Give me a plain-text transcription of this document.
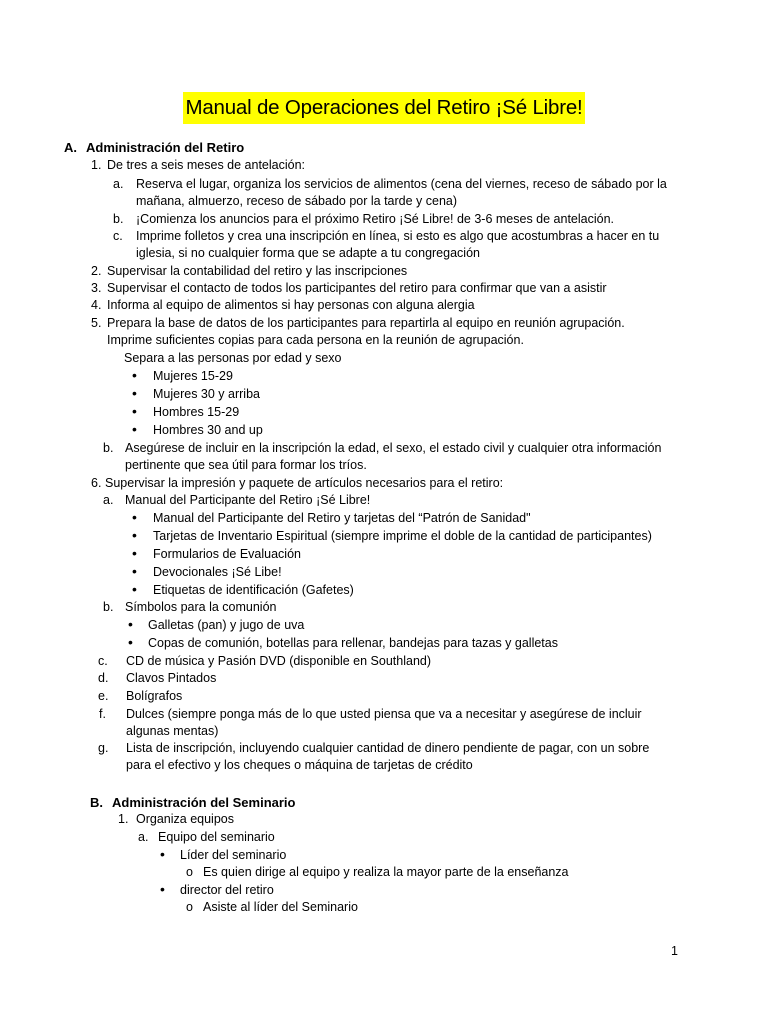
Manual de Operaciones del Retiro ¡Sé Libre!
A. Administración del Retiro
1. De tres a seis meses de antelación:
a. Reserva el lugar, organiza los servicios de alimentos (cena del viernes, receso de sábado por la
mañana, almuerzo, receso de sábado por la tarde y cena)
b. ¡Comienza los anuncios para el próximo Retiro ¡Sé Libre! de 3-6 meses de antelación.
c. Imprime folletos y crea una inscripción en línea, si esto es algo que acostumbras a hacer en tu
iglesia, si no cualquier forma que se adapte a tu congregación
2. Supervisar la contabilidad del retiro y las inscripciones
3. Supervisar el contacto de todos los participantes del retiro para confirmar que van a asistir
4. Informa al equipo de alimentos si hay personas con alguna alergia
5. Prepara la base de datos de los participantes para repartirla al equipo en reunión agrupación.
Imprime suficientes copias para cada persona en la reunión de agrupación.
Separa a las personas por edad y sexo
• Mujeres 15-29
• Mujeres 30 y arriba
• Hombres 15-29
• Hombres 30 and up
b. Asegúrese de incluir en la inscripción la edad, el sexo, el estado civil y cualquier otra información
pertinente que sea útil para formar los tríos.
6. Supervisar la impresión y paquete de artículos necesarios para el retiro:
a. Manual del Participante del Retiro ¡Sé Libre!
• Manual del Participante del Retiro y tarjetas del “Patrón de Sanidad"
• Tarjetas de Inventario Espiritual (siempre imprime el doble de la cantidad de participantes)
• Formularios de Evaluación
• Devocionales ¡Sé Libe!
• Etiquetas de identificación (Gafetes)
b. Símbolos para la comunión
• Galletas (pan) y jugo de uva
• Copas de comunión, botellas para rellenar, bandejas para tazas y galletas
c. CD de música y Pasión DVD (disponible en Southland)
d. Clavos Pintados
e. Bolígrafos
f. Dulces (siempre ponga más de lo que usted piensa que va a necesitar y asegúrese de incluir
algunas mentas)
g. Lista de inscripción, incluyendo cualquier cantidad de dinero pendiente de pagar, con un sobre
para el efectivo y los cheques o máquina de tarjetas de crédito
B. Administración del Seminario
1. Organiza equipos
a. Equipo del seminario
• Líder del seminario
o Es quien dirige al equipo y realiza la mayor parte de la enseñanza
• director del retiro
o Asiste al líder del Seminario
1
